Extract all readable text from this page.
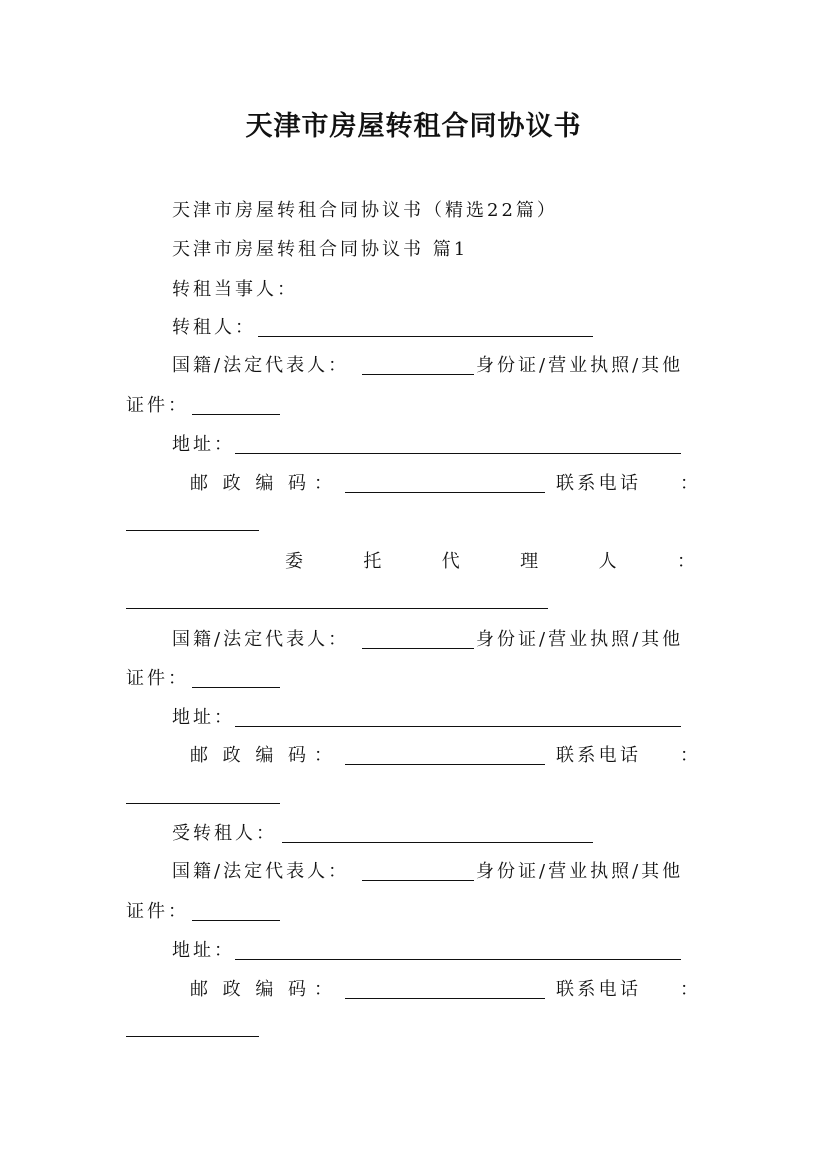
天津市房屋转租合同协议书
天津市房屋转租合同协议书（精选22篇）
天津市房屋转租合同协议书 篇1
转租当事人：
转租人：
国籍/法定代表人：	身份证/营业执照/其他
证件：
地址：
邮 政 编 码 ：	联 系 电 话 ：
委	托	代	理	人	：
国籍/法定代表人：	身份证/营业执照/其他
证件：
地址：
邮 政 编 码 ：	联 系 电 话 ：
受转租人：
国籍/法定代表人：	身份证/营业执照/其他
证件：
地址：
邮 政 编 码 ：	联 系 电 话 ：
